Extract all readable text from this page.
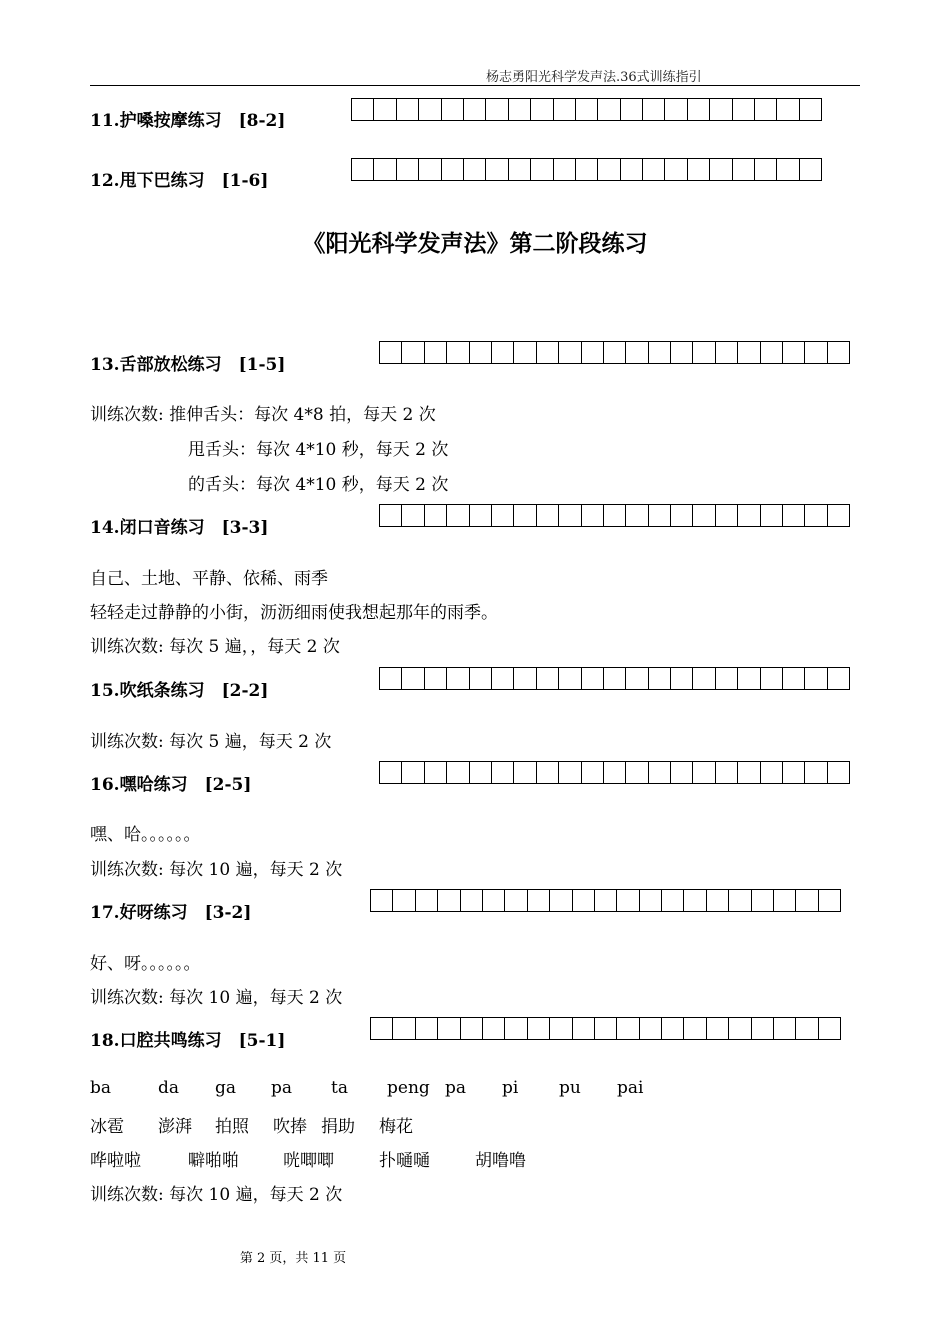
杨志勇阳光科学发声法.36式训练指引
11.护嗓按摩练习　[8-2]
12.甩下巴练习　[1-6]
《阳光科学发声法》第二阶段练习
13.舌部放松练习　[1-5]
训练次数: 推伸舌头：每次 4*8 拍，每天 2 次
甩舌头：每次 4*10 秒，每天 2 次
的舌头：每次 4*10 秒，每天 2 次
14.闭口音练习　[3-3]
自己、土地、平静、依稀、雨季
轻轻走过静静的小街，沥沥细雨使我想起那年的雨季。
训练次数: 每次 5 遍，，每天 2 次
15.吹纸条练习　[2-2]
训练次数: 每次 5 遍，每天 2 次
16.嘿哈练习　[2-5]
嘿、哈。。。。。。
训练次数: 每次 10 遍，每天 2 次
17.好呀练习　[3-2]
好、呀。。。。。。
训练次数: 每次 10 遍，每天 2 次
18.口腔共鸣练习　[5-1]
ba	da ga pa ta peng pa pi pu pai
冰雹 澎湃 拍照 吹捧 捐助 梅花
哗啦啦	噼啪啪	咣唧唧	扑嗵嗵	胡噜噜
训练次数: 每次 10 遍，每天 2 次
第 2 页，共 11 页
